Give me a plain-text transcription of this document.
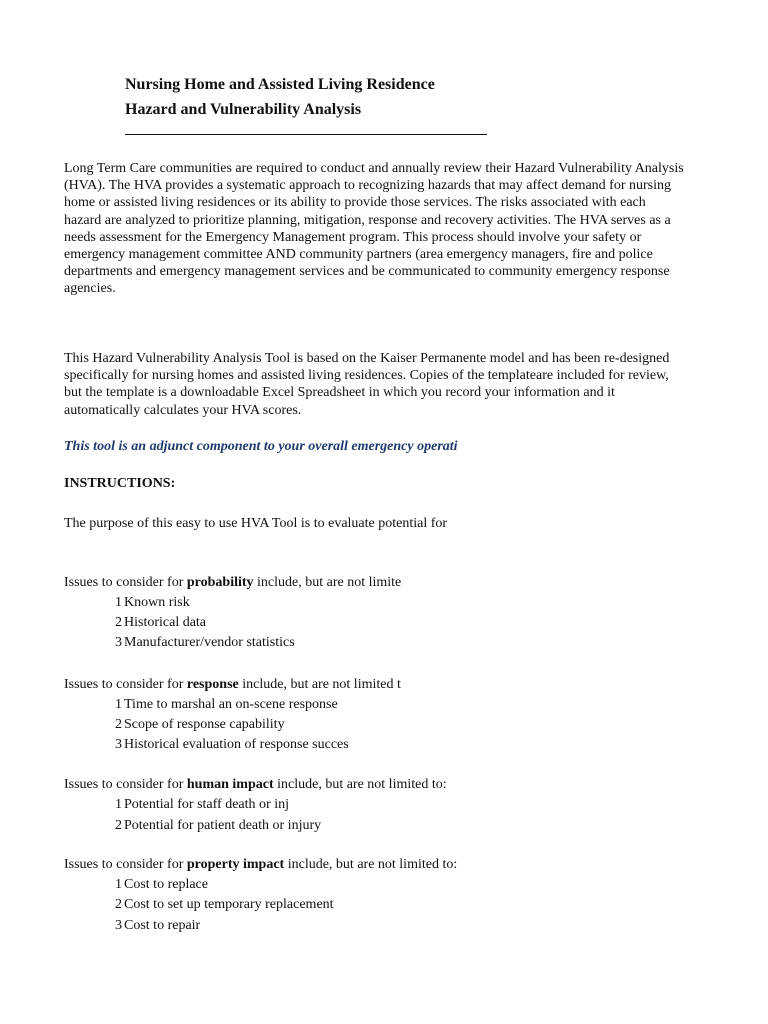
Nursing Home and Assisted Living Residence
Hazard and Vulnerability Analysis

Long Term Care communities are required to conduct and annually review their Hazard Vulnerability Analysis (HVA). The HVA provides a systematic approach to recognizing hazards that may affect demand for nursing home or assisted living residences or its ability to provide those services. The risks associated with each hazard are analyzed to prioritize planning, mitigation, response and recovery activities. The HVA serves as a needs assessment for the Emergency Management program. This process should involve your safety or emergency management committee AND community partners (area emergency managers, fire and police departments and emergency management services and be communicated to community emergency response agencies.

This Hazard Vulnerability Analysis Tool is based on the Kaiser Permanente model and has been re-designed specifically for nursing homes and assisted living residences. Copies of the templateare included for review, but the template is a downloadable Excel Spreadsheet in which you record your information and it automatically calculates your HVA scores.

This tool is an adjunct component to your overall emergency operati
INSTRUCTIONS:
The purpose of this easy to use HVA Tool is to evaluate potential for
Issues to consider for probability include, but are not limite
1 Known risk
2 Historical data
3 Manufacturer/vendor statistics
Issues to consider for response include, but are not limited t
1 Time to marshal an on-scene response
2 Scope of response capability
3 Historical evaluation of response succes
Issues to consider for human impact include, but are not limited to:
1 Potential for staff death or inj
2 Potential for patient death or injury
Issues to consider for property impact include, but are not limited to:
1 Cost to replace
2 Cost to set up temporary replacement
3 Cost to repair
